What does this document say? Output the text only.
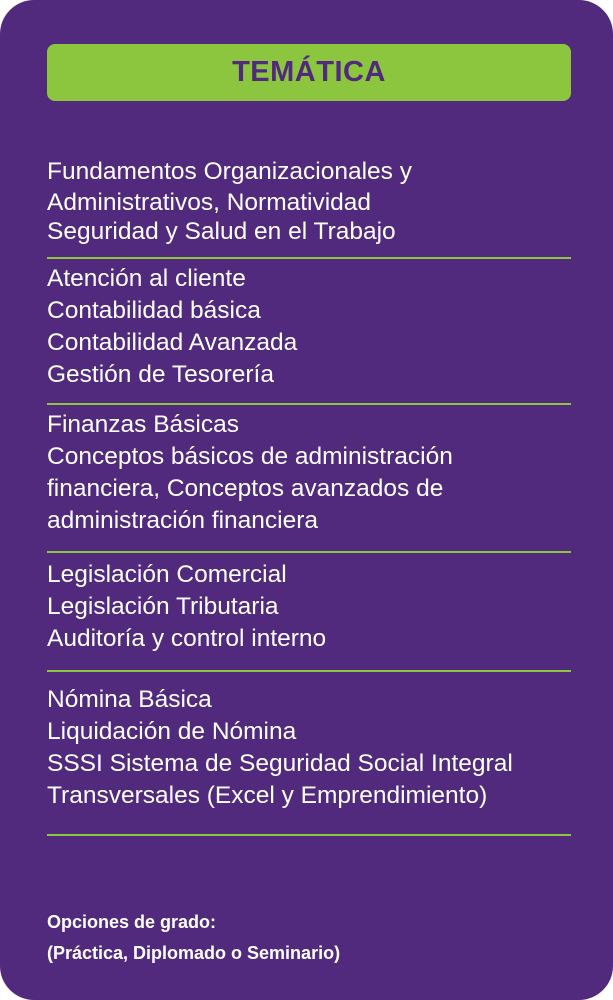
TEMÁTICA
Fundamentos Organizacionales y
Administrativos, Normatividad
Seguridad y Salud en el Trabajo
Atención al cliente
Contabilidad básica
Contabilidad Avanzada
Gestión de Tesorería
Finanzas Básicas
Conceptos básicos de administración
financiera, Conceptos avanzados de
administración financiera
Legislación Comercial
Legislación Tributaria
Auditoría y control interno
Nómina Básica
Liquidación de Nómina
SSSI Sistema de Seguridad Social Integral
Transversales (Excel y Emprendimiento)
Opciones de grado:
(Práctica, Diplomado o Seminario)
